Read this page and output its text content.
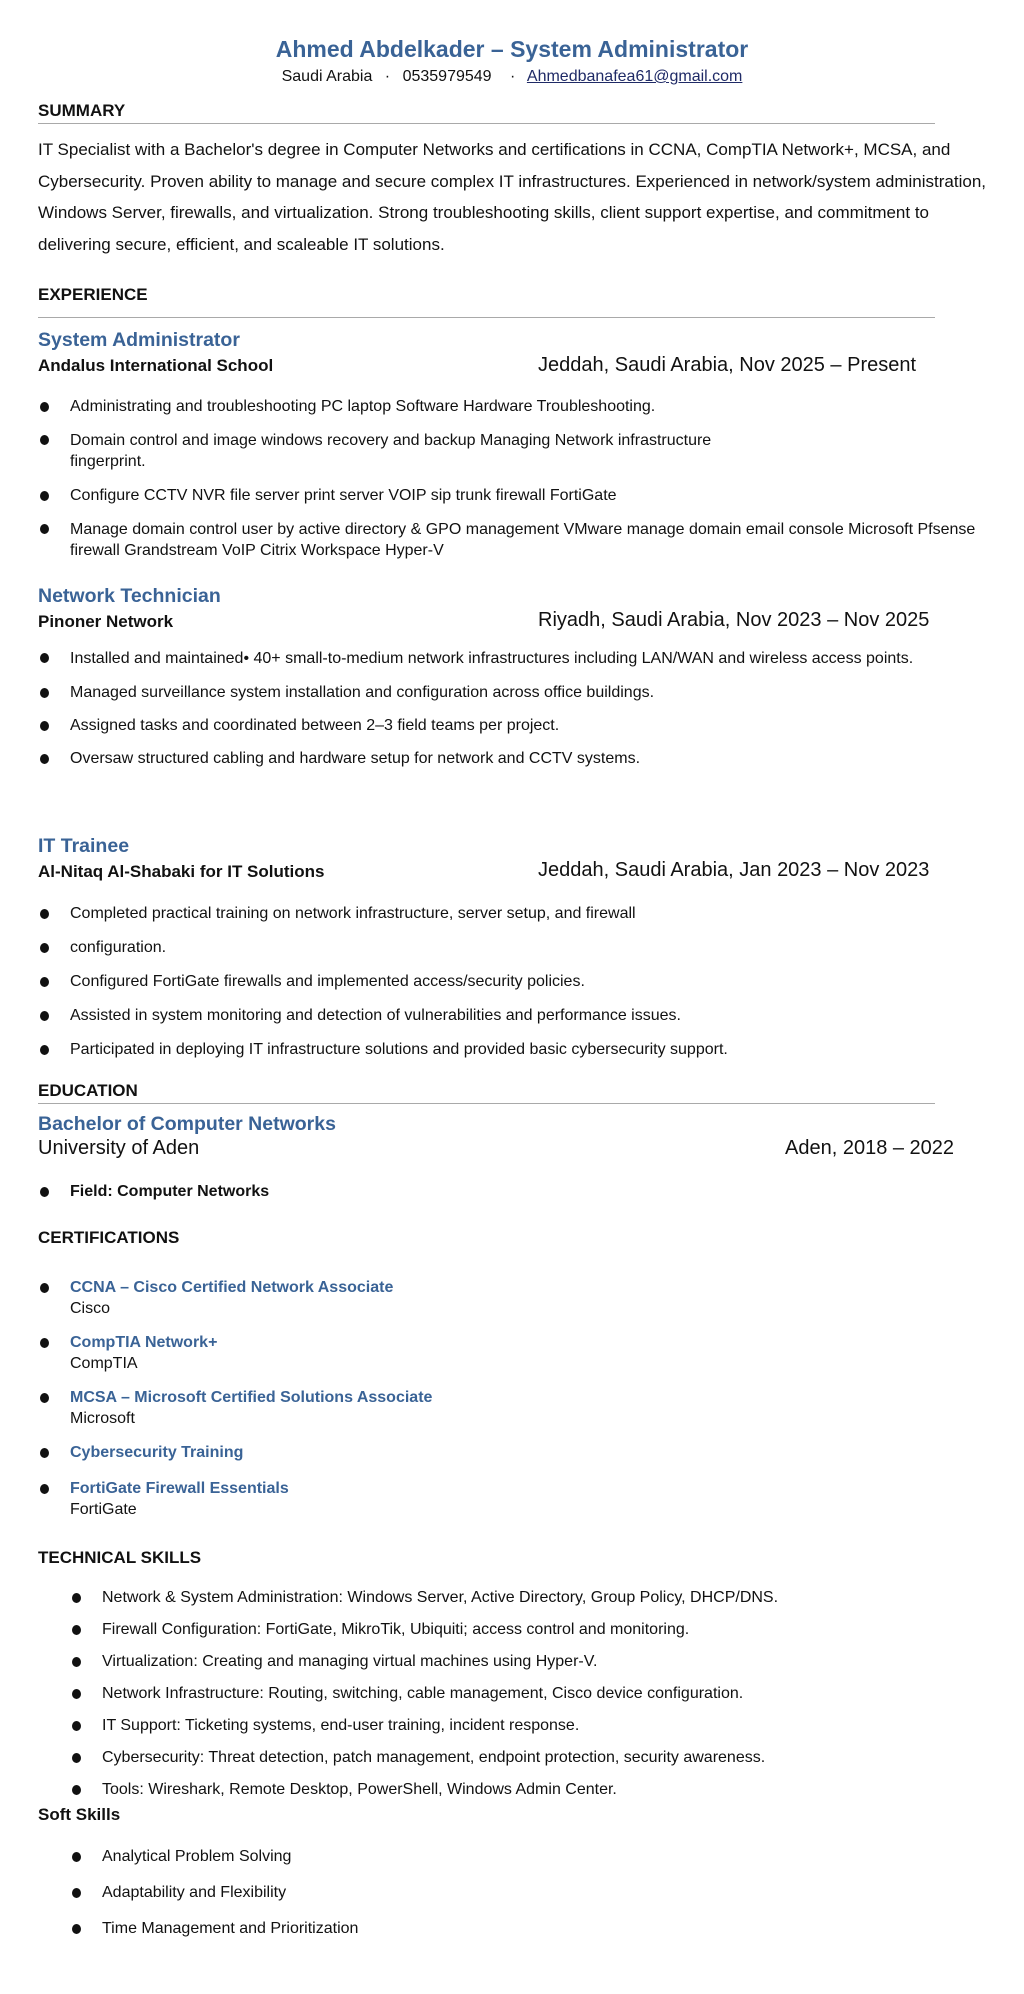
Ahmed Abdelkader – System Administrator
Saudi Arabia · 0535979549 · Ahmedbanafea61@gmail.com
SUMMARY
IT Specialist with a Bachelor's degree in Computer Networks and certifications in CCNA, CompTIA Network+, MCSA, and Cybersecurity. Proven ability to manage and secure complex IT infrastructures. Experienced in network/system administration, Windows Server, firewalls, and virtualization. Strong troubleshooting skills, client support expertise, and commitment to delivering secure, efficient, and scaleable IT solutions.
EXPERIENCE
System Administrator
Andalus International School	Jeddah, Saudi Arabia, Nov 2025 – Present
Administrating and troubleshooting PC laptop Software Hardware Troubleshooting.
Domain control and image windows recovery and backup Managing Network infrastructure fingerprint.
Configure CCTV NVR file server print server VOIP sip trunk firewall FortiGate
Manage domain control user by active directory & GPO management VMware manage domain email console Microsoft Pfsense firewall Grandstream VoIP Citrix Workspace Hyper-V
Network Technician
Pinoner Network	Riyadh, Saudi Arabia, Nov 2023 – Nov 2025
Installed and maintained• 40+ small-to-medium network infrastructures including LAN/WAN and wireless access points.
Managed surveillance system installation and configuration across office buildings.
Assigned tasks and coordinated between 2–3 field teams per project.
Oversaw structured cabling and hardware setup for network and CCTV systems.
IT Trainee
Al-Nitaq Al-Shabaki for IT Solutions	Jeddah, Saudi Arabia, Jan 2023 – Nov 2023
Completed practical training on network infrastructure, server setup, and firewall
configuration.
Configured FortiGate firewalls and implemented access/security policies.
Assisted in system monitoring and detection of vulnerabilities and performance issues.
Participated in deploying IT infrastructure solutions and provided basic cybersecurity support.
EDUCATION
Bachelor of Computer Networks
University of Aden	Aden, 2018 – 2022
Field: Computer Networks
CERTIFICATIONS
CCNA – Cisco Certified Network Associate
Cisco
CompTIA Network+
CompTIA
MCSA – Microsoft Certified Solutions Associate
Microsoft
Cybersecurity Training
FortiGate Firewall Essentials
FortiGate
TECHNICAL SKILLS
Network & System Administration: Windows Server, Active Directory, Group Policy, DHCP/DNS.
Firewall Configuration: FortiGate, MikroTik, Ubiquiti; access control and monitoring.
Virtualization: Creating and managing virtual machines using Hyper-V.
Network Infrastructure: Routing, switching, cable management, Cisco device configuration.
IT Support: Ticketing systems, end-user training, incident response.
Cybersecurity: Threat detection, patch management, endpoint protection, security awareness.
Tools: Wireshark, Remote Desktop, PowerShell, Windows Admin Center.
Soft Skills
Analytical Problem Solving
Adaptability and Flexibility
Time Management and Prioritization
